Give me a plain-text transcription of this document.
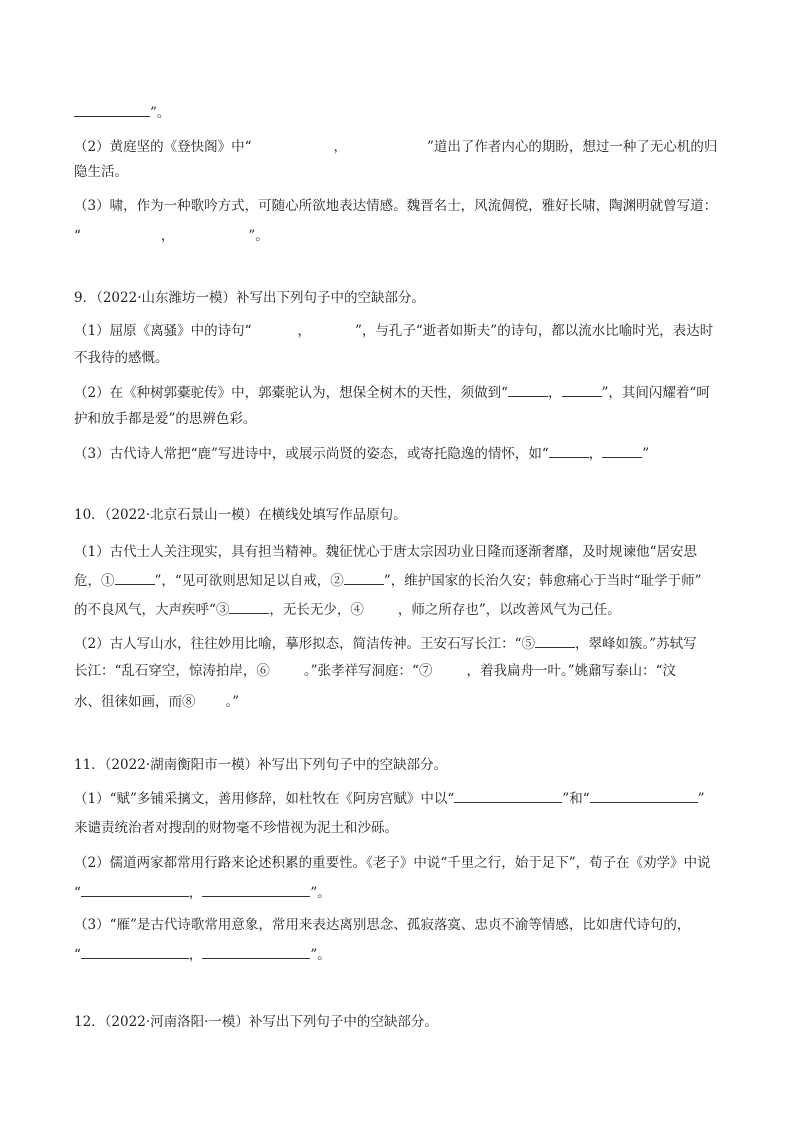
”。
（2）黄庭坚的《登快阁》中“	，	”道出了作者内心的期盼，想过一种了无心机的归
隐生活。
（3）啸，作为一种歌吟方式，可随心所欲地表达情感。魏晋名士，风流倜傥，雅好长啸，陶渊明就曾写道：
“	，	”。
9．（2022·山东潍坊一模）补写出下列句子中的空缺部分。
（1）屈原《离骚》中的诗句“	，	”，与孔子“逝者如斯夫”的诗句，都以流水比喻时光，表达时
不我待的感慨。
（2）在《种树郭橐驼传》中，郭橐驼认为，想保全树木的天性，须做到“	，	”，其间闪耀着“呵
护和放手都是爱”的思辨色彩。
（3）古代诗人常把“鹿”写进诗中，或展示尚贤的姿态，或寄托隐逸的情怀，如“	，	”
10．（2022·北京石景山一模）在横线处填写作品原句。
（1）古代士人关注现实，具有担当精神。魏征忧心于唐太宗因功业日隆而逐渐奢靡，及时规谏他“居安思
危，①	”，“见可欲则思知足以自戒，②	”，维护国家的长治久安；韩愈痛心于当时“耻学于师”
的不良风气，大声疾呼“③	，无长无少，④	，师之所存也”，以改善风气为己任。
（2）古人写山水，往往妙用比喻，摹形拟态，简洁传神。王安石写长江：“⑤	，翠峰如簇。”苏轼写
长江：“乱石穿空，惊涛拍岸，⑥	。”张孝祥写洞庭：“⑦	，着我扁舟一叶。”姚鼐写泰山：“汶
水、徂徕如画，而⑧ 。”
11．（2022·湖南衡阳市一模）补写出下列句子中的空缺部分。
（1）“赋”多铺采摛文，善用修辞，如杜牧在《阿房宫赋》中以“	”和“	”
来谴责统治者对搜刮的财物毫不珍惜视为泥土和沙砾。
（2）儒道两家都常用行路来论述积累的重要性。《老子》中说“千里之行，始于足下”，荀子在《劝学》中说
“	，	”。
（3）“雁”是古代诗歌常用意象，常用来表达离别思念、孤寂落寞、忠贞不渝等情感，比如唐代诗句的，
“	，	”。
12．（2022·河南洛阳·一模）补写出下列句子中的空缺部分。
